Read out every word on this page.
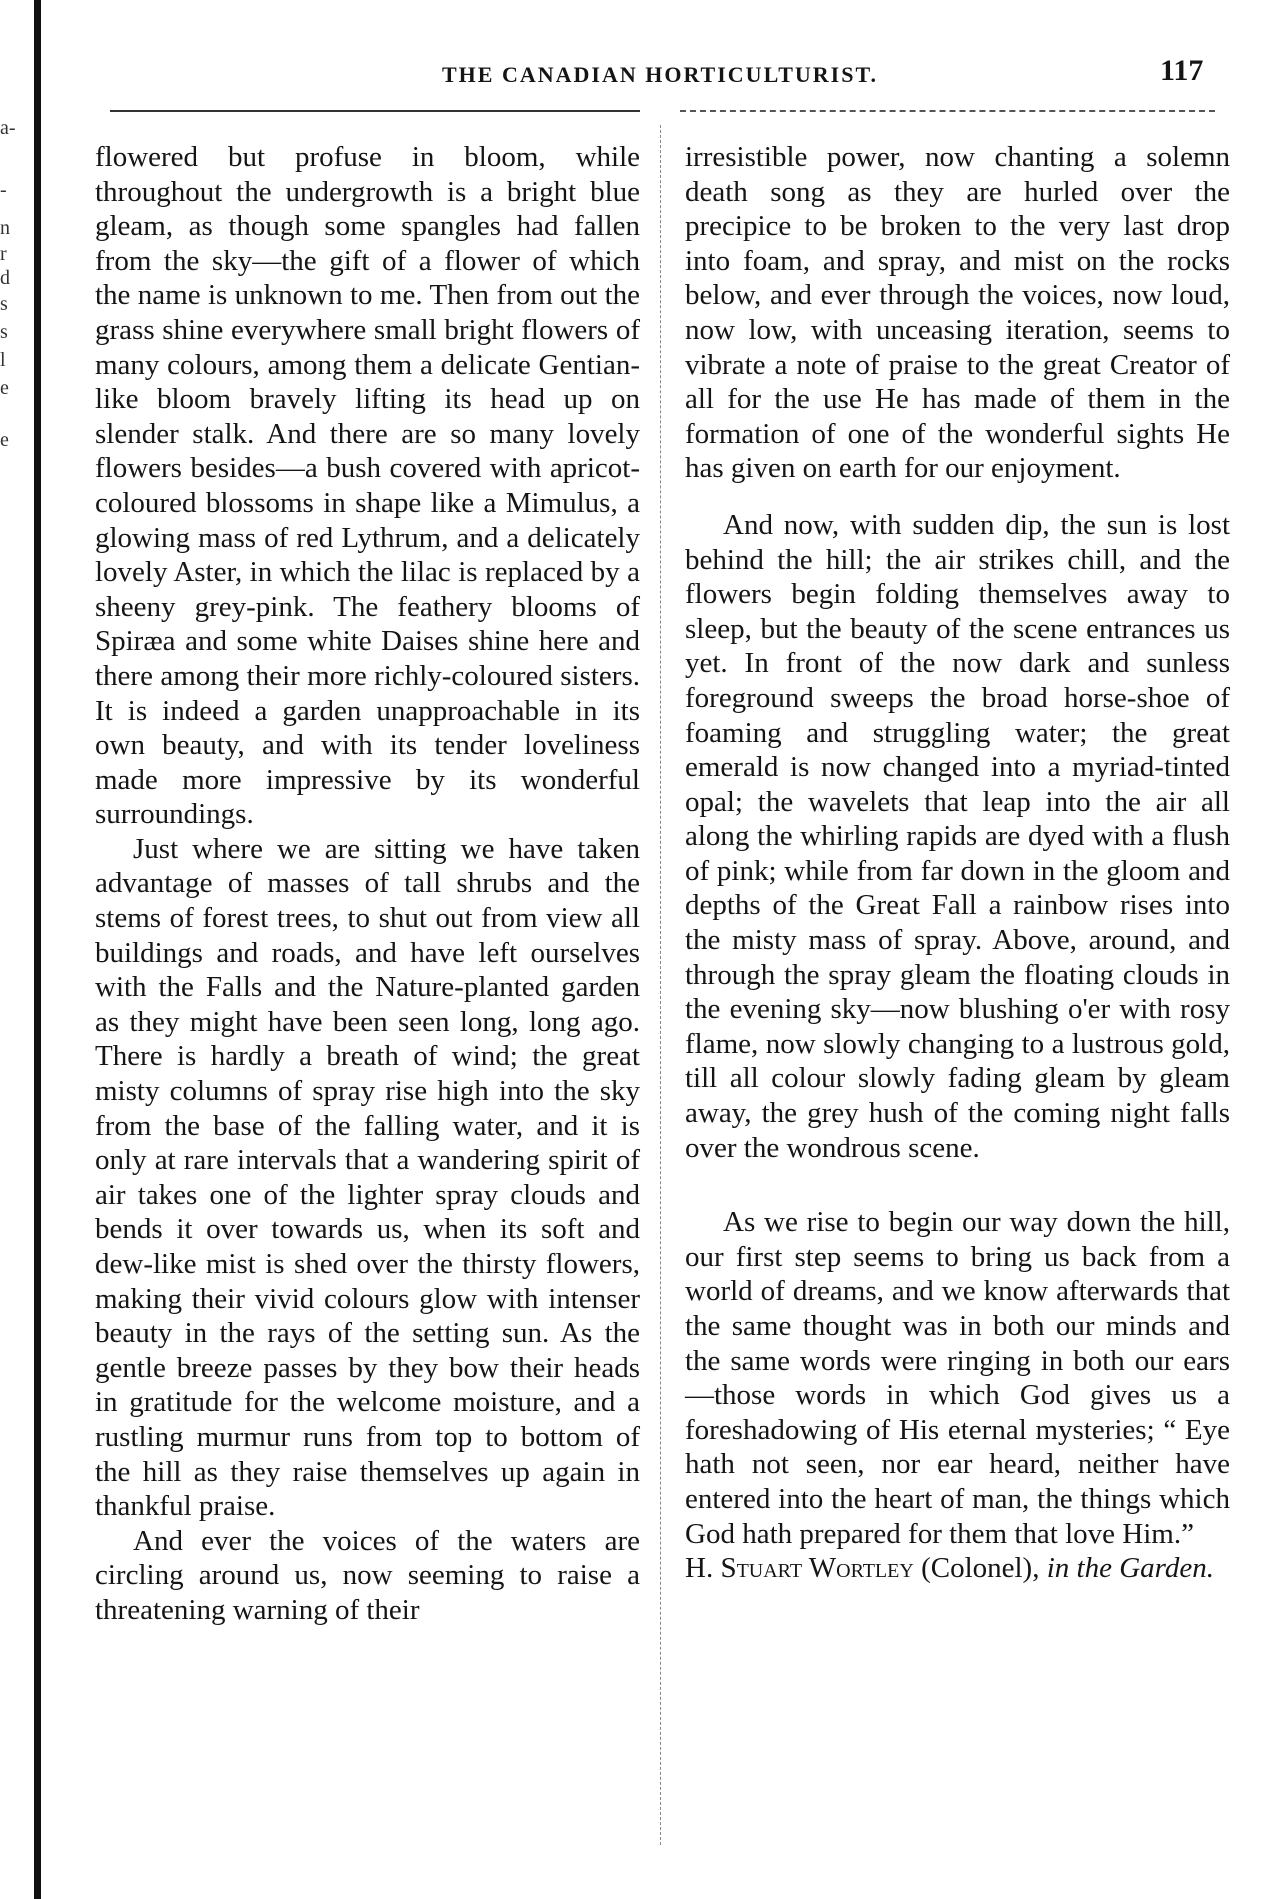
a-
-
n
r
d
s
s
l
e
e
THE CANADIAN HORTICULTURIST.	117

flowered but profuse in bloom, while throughout the undergrowth is a bright blue gleam, as though some spangles had fallen from the sky—the gift of a flower of which the name is unknown to me. Then from out the grass shine everywhere small bright flowers of many colours, among them a delicate Gentian-like bloom bravely lifting its head up on slender stalk. And there are so many lovely flowers besides—a bush covered with apricot-coloured blossoms in shape like a Mimulus, a glowing mass of red Lythrum, and a delicately lovely Aster, in which the lilac is replaced by a sheeny grey-pink. The feathery blooms of Spiræa and some white Daises shine here and there among their more richly-coloured sisters. It is indeed a garden unapproachable in its own beauty, and with its tender loveliness made more impressive by its wonderful surroundings.

Just where we are sitting we have taken advantage of masses of tall shrubs and the stems of forest trees, to shut out from view all buildings and roads, and have left ourselves with the Falls and the Nature-planted garden as they might have been seen long, long ago. There is hardly a breath of wind; the great misty columns of spray rise high into the sky from the base of the falling water, and it is only at rare intervals that a wandering spirit of air takes one of the lighter spray clouds and bends it over towards us, when its soft and dew-like mist is shed over the thirsty flowers, making their vivid colours glow with intenser beauty in the rays of the setting sun. As the gentle breeze passes by they bow their heads in gratitude for the welcome moisture, and a rustling murmur runs from top to bottom of the hill as they raise themselves up again in thankful praise.

And ever the voices of the waters are circling around us, now seeming to raise a threatening warning of their

irresistible power, now chanting a solemn death song as they are hurled over the precipice to be broken to the very last drop into foam, and spray, and mist on the rocks below, and ever through the voices, now loud, now low, with unceasing iteration, seems to vibrate a note of praise to the great Creator of all for the use He has made of them in the formation of one of the wonderful sights He has given on earth for our enjoyment.

And now, with sudden dip, the sun is lost behind the hill; the air strikes chill, and the flowers begin folding themselves away to sleep, but the beauty of the scene entrances us yet. In front of the now dark and sunless foreground sweeps the broad horse-shoe of foaming and struggling water; the great emerald is now changed into a myriad-tinted opal; the wavelets that leap into the air all along the whirling rapids are dyed with a flush of pink; while from far down in the gloom and depths of the Great Fall a rainbow rises into the misty mass of spray. Above, around, and through the spray gleam the floating clouds in the evening sky—now blushing o'er with rosy flame, now slowly changing to a lustrous gold, till all colour slowly fading gleam by gleam away, the grey hush of the coming night falls over the wondrous scene.

As we rise to begin our way down the hill, our first step seems to bring us back from a world of dreams, and we know afterwards that the same thought was in both our minds and the same words were ringing in both our ears—those words in which God gives us a foreshadowing of His eternal mysteries; “ Eye hath not seen, nor ear heard, neither have entered into the heart of man, the things which God hath prepared for them that love Him.”

H. Stuart Wortley (Colonel), in the Garden.
